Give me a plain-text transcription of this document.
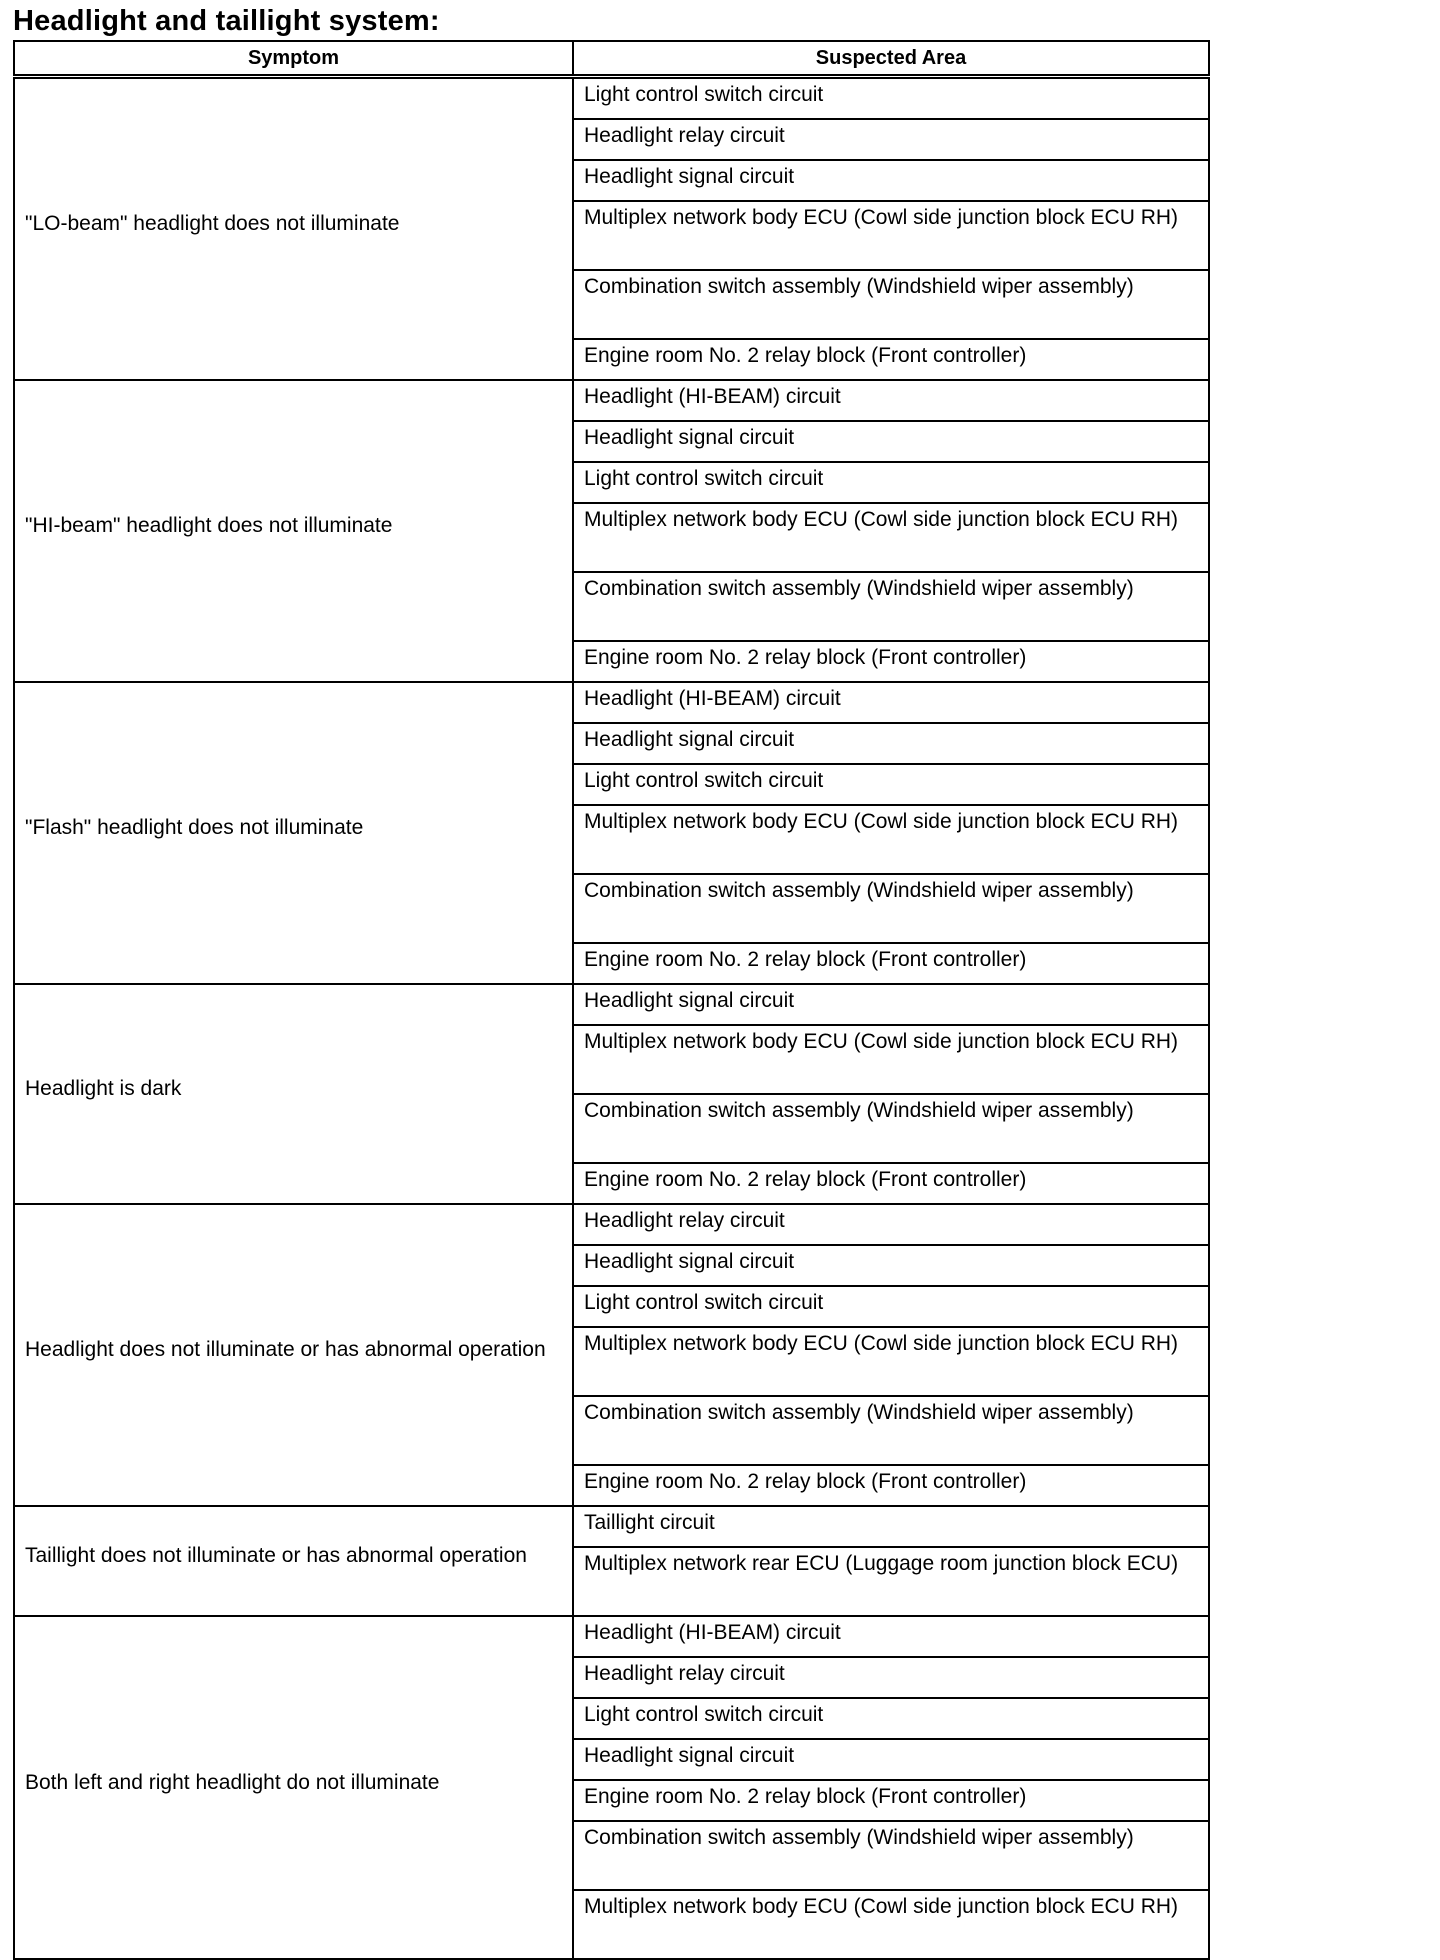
Headlight and taillight system:
Symptom	Suspected Area
"LO-beam" headlight does not illuminate	Light control switch circuit
	Headlight relay circuit
	Headlight signal circuit
	Multiplex network body ECU (Cowl side junction block ECU RH)
	Combination switch assembly (Windshield wiper assembly)
	Engine room No. 2 relay block (Front controller)
"HI-beam" headlight does not illuminate	Headlight (HI-BEAM) circuit
	Headlight signal circuit
	Light control switch circuit
	Multiplex network body ECU (Cowl side junction block ECU RH)
	Combination switch assembly (Windshield wiper assembly)
	Engine room No. 2 relay block (Front controller)
"Flash" headlight does not illuminate	Headlight (HI-BEAM) circuit
	Headlight signal circuit
	Light control switch circuit
	Multiplex network body ECU (Cowl side junction block ECU RH)
	Combination switch assembly (Windshield wiper assembly)
	Engine room No. 2 relay block (Front controller)
Headlight is dark	Headlight signal circuit
	Multiplex network body ECU (Cowl side junction block ECU RH)
	Combination switch assembly (Windshield wiper assembly)
	Engine room No. 2 relay block (Front controller)
Headlight does not illuminate or has abnormal operation	Headlight relay circuit
	Headlight signal circuit
	Light control switch circuit
	Multiplex network body ECU (Cowl side junction block ECU RH)
	Combination switch assembly (Windshield wiper assembly)
	Engine room No. 2 relay block (Front controller)
Taillight does not illuminate or has abnormal operation	Taillight circuit
	Multiplex network rear ECU (Luggage room junction block ECU)
Both left and right headlight do not illuminate	Headlight (HI-BEAM) circuit
	Headlight relay circuit
	Light control switch circuit
	Headlight signal circuit
	Engine room No. 2 relay block (Front controller)
	Combination switch assembly (Windshield wiper assembly)
	Multiplex network body ECU (Cowl side junction block ECU RH)
